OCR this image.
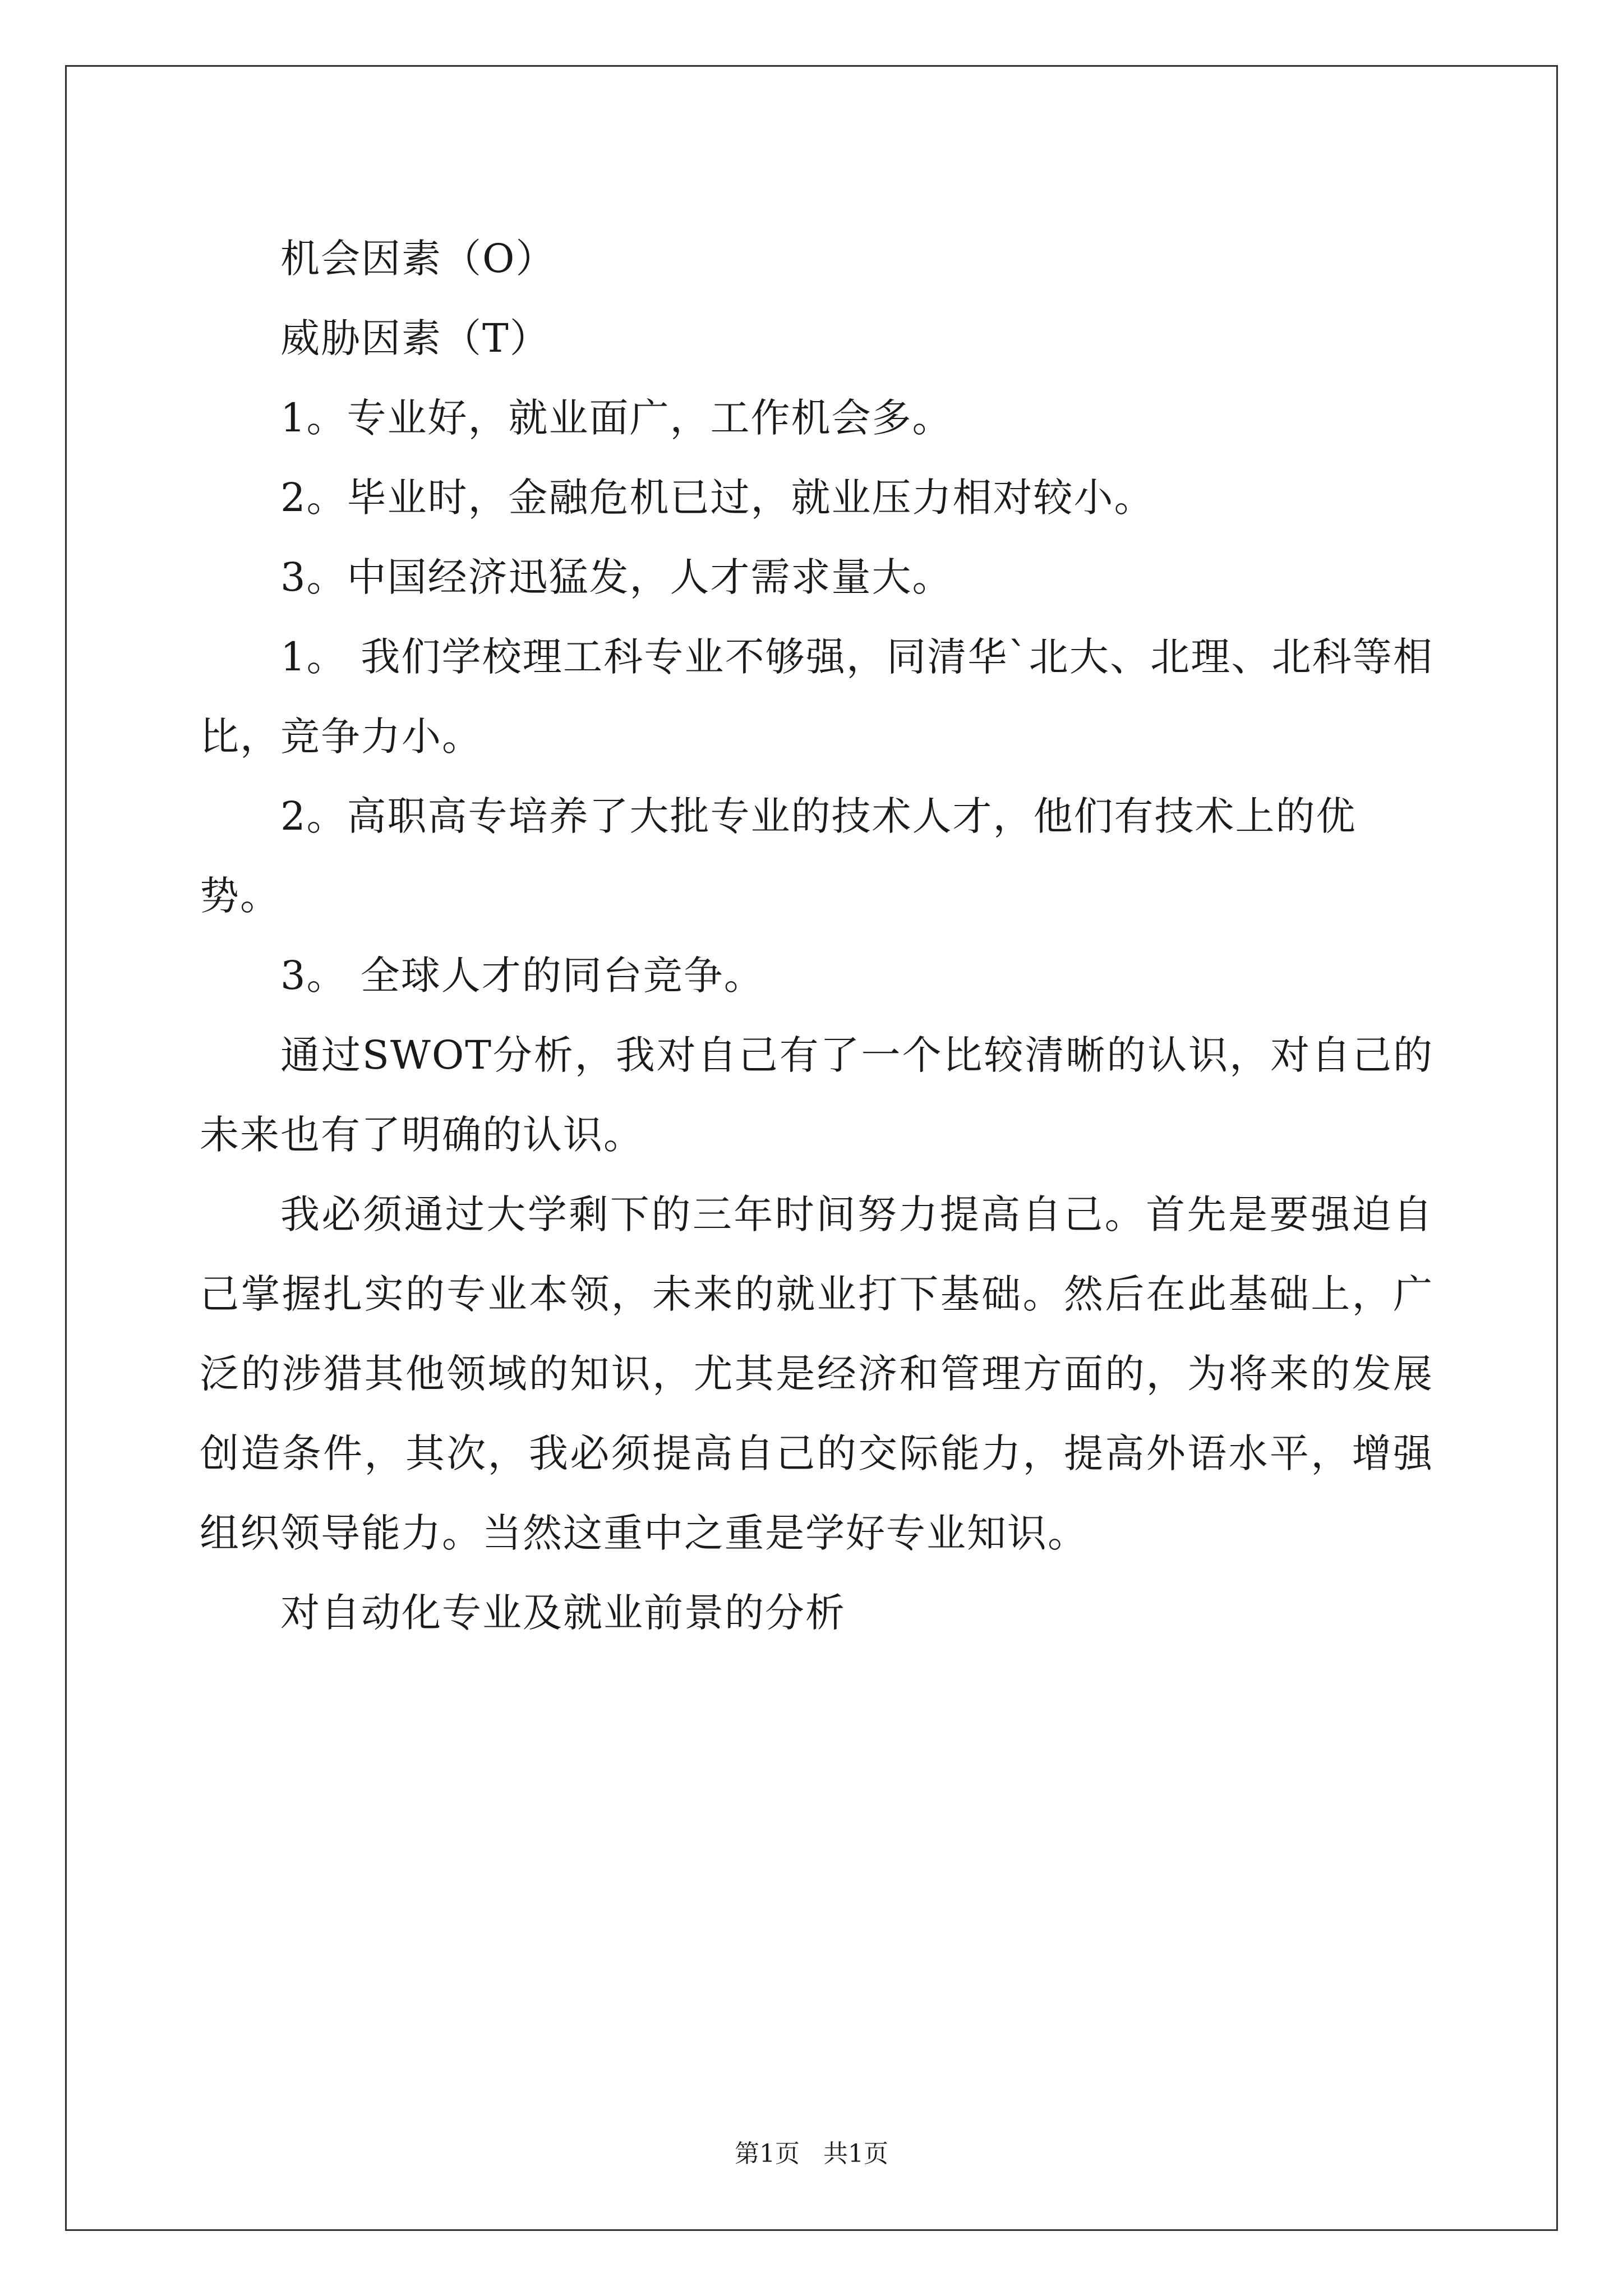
机会因素（O）

威胁因素（T）

1。专业好，就业面广，工作机会多。

2。毕业时，金融危机已过，就业压力相对较小。

3。中国经济迅猛发，人才需求量大。

1。 我们学校理工科专业不够强，同清华`北大、北理、北科等相比，竞争力小。

2。高职高专培养了大批专业的技术人才，他们有技术上的优势。

3。 全球人才的同台竞争。

通过SWOT分析，我对自己有了一个比较清晰的认识，对自己的未来也有了明确的认识。

我必须通过大学剩下的三年时间努力提高自己。首先是要强迫自己掌握扎实的专业本领，未来的就业打下基础。然后在此基础上，广泛的涉猎其他领域的知识，尤其是经济和管理方面的，为将来的发展创造条件，其次，我必须提高自己的交际能力，提高外语水平，增强组织领导能力。当然这重中之重是学好专业知识。

对自动化专业及就业前景的分析

第1页 共1页
